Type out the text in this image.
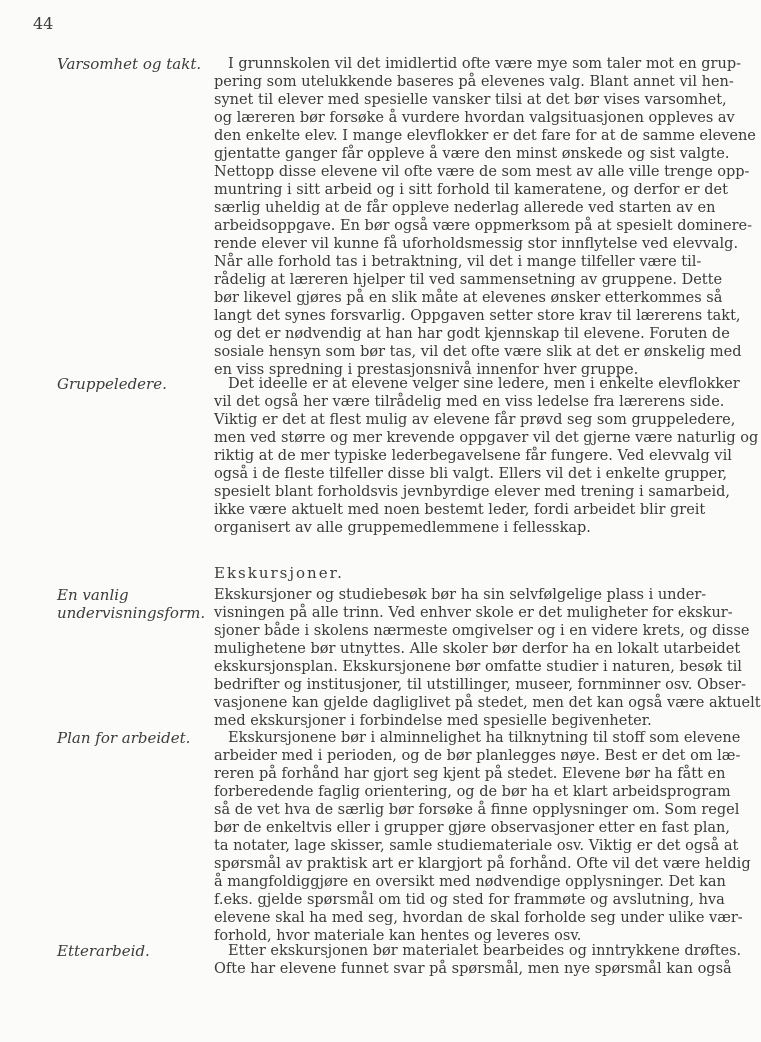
44
Varsomhet og takt.
Gruppeledere.
En vanlig
undervisningsform.
Plan for arbeidet.
Etterarbeid.
I grunnskolen vil det imidlertid ofte være mye som taler mot en grup-
pering som utelukkende baseres på elevenes valg. Blant annet vil hen-
synet til elever med spesielle vansker tilsi at det bør vises varsomhet,
og læreren bør forsøke å vurdere hvordan valgsituasjonen oppleves av
den enkelte elev. I mange elevflokker er det fare for at de samme elevene
gjentatte ganger får oppleve å være den minst ønskede og sist valgte.
Nettopp disse elevene vil ofte være de som mest av alle ville trenge opp-
muntring i sitt arbeid og i sitt forhold til kameratene, og derfor er det
særlig uheldig at de får oppleve nederlag allerede ved starten av en
arbeidsoppgave. En bør også være oppmerksom på at spesielt dominere-
rende elever vil kunne få uforholdsmessig stor innflytelse ved elevvalg.
Når alle forhold tas i betraktning, vil det i mange tilfeller være til-
rådelig at læreren hjelper til ved sammensetning av gruppene. Dette
bør likevel gjøres på en slik måte at elevenes ønsker etterkommes så
langt det synes forsvarlig. Oppgaven setter store krav til lærerens takt,
og det er nødvendig at han har godt kjennskap til elevene. Foruten de
sosiale hensyn som bør tas, vil det ofte være slik at det er ønskelig med
en viss spredning i prestasjonsnivå innenfor hver gruppe.
Det ideelle er at elevene velger sine ledere, men i enkelte elevflokker
vil det også her være tilrådelig med en viss ledelse fra lærerens side.
Viktig er det at flest mulig av elevene får prøvd seg som gruppeledere,
men ved større og mer krevende oppgaver vil det gjerne være naturlig og
riktig at de mer typiske lederbegavelsene får fungere. Ved elevvalg vil
også i de fleste tilfeller disse bli valgt. Ellers vil det i enkelte grupper,
spesielt blant forholdsvis jevnbyrdige elever med trening i samarbeid,
ikke være aktuelt med noen bestemt leder, fordi arbeidet blir greit
organisert av alle gruppemedlemmene i fellesskap.
Ekskursjoner.
Ekskursjoner og studiebesøk bør ha sin selvfølgelige plass i under-
visningen på alle trinn. Ved enhver skole er det muligheter for ekskur-
sjoner både i skolens nærmeste omgivelser og i en videre krets, og disse
mulighetene bør utnyttes. Alle skoler bør derfor ha en lokalt utarbeidet
ekskursjonsplan. Ekskursjonene bør omfatte studier i naturen, besøk til
bedrifter og institusjoner, til utstillinger, museer, fornminner osv. Obser-
vasjonene kan gjelde dagliglivet på stedet, men det kan også være aktuelt
med ekskursjoner i forbindelse med spesielle begivenheter.
Ekskursjonene bør i alminnelighet ha tilknytning til stoff som elevene
arbeider med i perioden, og de bør planlegges nøye. Best er det om læ-
reren på forhånd har gjort seg kjent på stedet. Elevene bør ha fått en
forberedende faglig orientering, og de bør ha et klart arbeidsprogram
så de vet hva de særlig bør forsøke å finne opplysninger om. Som regel
bør de enkeltvis eller i grupper gjøre observasjoner etter en fast plan,
ta notater, lage skisser, samle studiemateriale osv. Viktig er det også at
spørsmål av praktisk art er klargjort på forhånd. Ofte vil det være heldig
å mangfoldiggjøre en oversikt med nødvendige opplysninger. Det kan
f.eks. gjelde spørsmål om tid og sted for frammøte og avslutning, hva
elevene skal ha med seg, hvordan de skal forholde seg under ulike vær-
forhold, hvor materiale kan hentes og leveres osv.
Etter ekskursjonen bør materialet bearbeides og inntrykkene drøftes.
Ofte har elevene funnet svar på spørsmål, men nye spørsmål kan også
